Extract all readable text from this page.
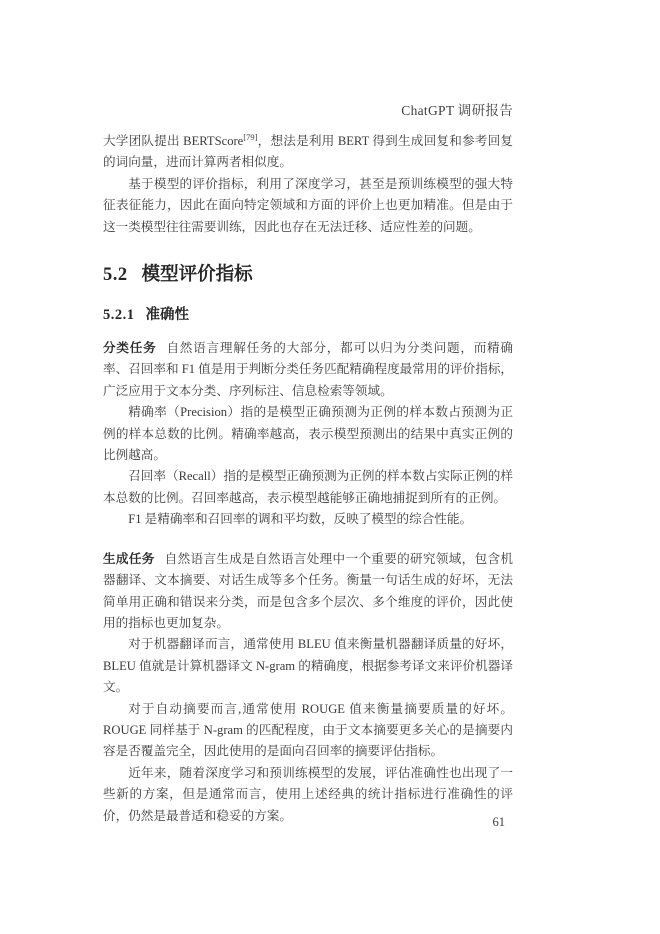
ChatGPT 调研报告

大学团队提出 BERTScore[79]，想法是利用 BERT 得到生成回复和参考回复的词向量，进而计算两者相似度。

基于模型的评价指标，利用了深度学习，甚至是预训练模型的强大特征表征能力，因此在面向特定领域和方面的评价上也更加精准。但是由于这一类模型往往需要训练，因此也存在无法迁移、适应性差的问题。

5.2 模型评价指标
5.2.1 准确性

分类任务 自然语言理解任务的大部分，都可以归为分类问题，而精确率、召回率和 F1 值是用于判断分类任务匹配精确程度最常用的评价指标，广泛应用于文本分类、序列标注、信息检索等领域。

精确率（Precision）指的是模型正确预测为正例的样本数占预测为正例的样本总数的比例。精确率越高，表示模型预测出的结果中真实正例的比例越高。

召回率（Recall）指的是模型正确预测为正例的样本数占实际正例的样本总数的比例。召回率越高，表示模型越能够正确地捕捉到所有的正例。

F1 是精确率和召回率的调和平均数，反映了模型的综合性能。

生成任务 自然语言生成是自然语言处理中一个重要的研究领域，包含机器翻译、文本摘要、对话生成等多个任务。衡量一句话生成的好坏，无法简单用正确和错误来分类，而是包含多个层次、多个维度的评价，因此使用的指标也更加复杂。

对于机器翻译而言，通常使用 BLEU 值来衡量机器翻译质量的好坏，BLEU 值就是计算机器译文 N-gram 的精确度，根据参考译文来评价机器译文。

对于自动摘要而言,通常使用 ROUGE 值来衡量摘要质量的好坏。ROUGE 同样基于 N-gram 的匹配程度，由于文本摘要更多关心的是摘要内容是否覆盖完全，因此使用的是面向召回率的摘要评估指标。

近年来，随着深度学习和预训练模型的发展，评估准确性也出现了一些新的方案，但是通常而言，使用上述经典的统计指标进行准确性的评价，仍然是最普适和稳妥的方案。	61
